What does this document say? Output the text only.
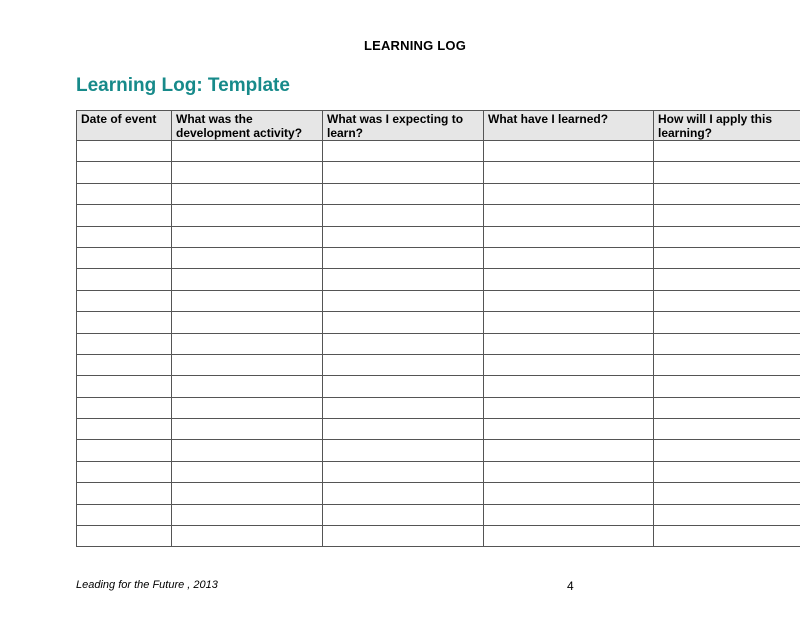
LEARNING LOG
Learning Log: Template
Date of event	What was the development activity?	What was I expecting to learn?	What have I learned?	How will I apply this learning?

Leading for the Future , 2013	4
